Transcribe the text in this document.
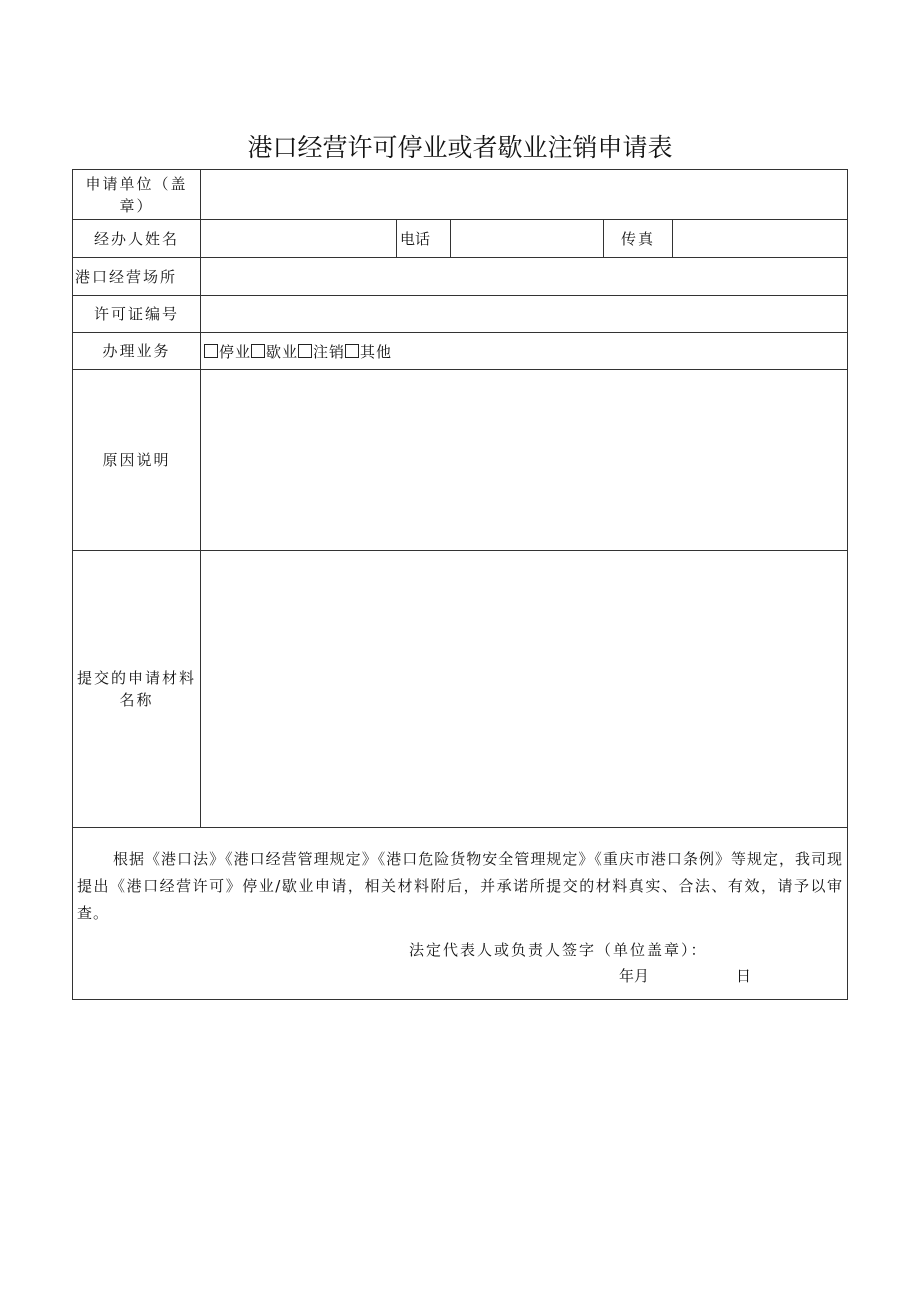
港口经营许可停业或者歇业注销申请表
申请单位（盖章）					
经办人姓名		电话		传真	
港口经营场所					
许可证编号					
办理业务	停业 歇业 注销 其他				
原因说明					
提交的申请材料名称					

根据《港口法》《港口经营管理规定》《港口危险货物安全管理规定》《重庆市港口条例》等规定，我司现提出《港口经营许可》停业/歇业申请，相关材料附后，并承诺所提交的材料真实、合法、有效，请予以审查。
法定代表人或负责人签字（单位盖章）：
年月 日					
